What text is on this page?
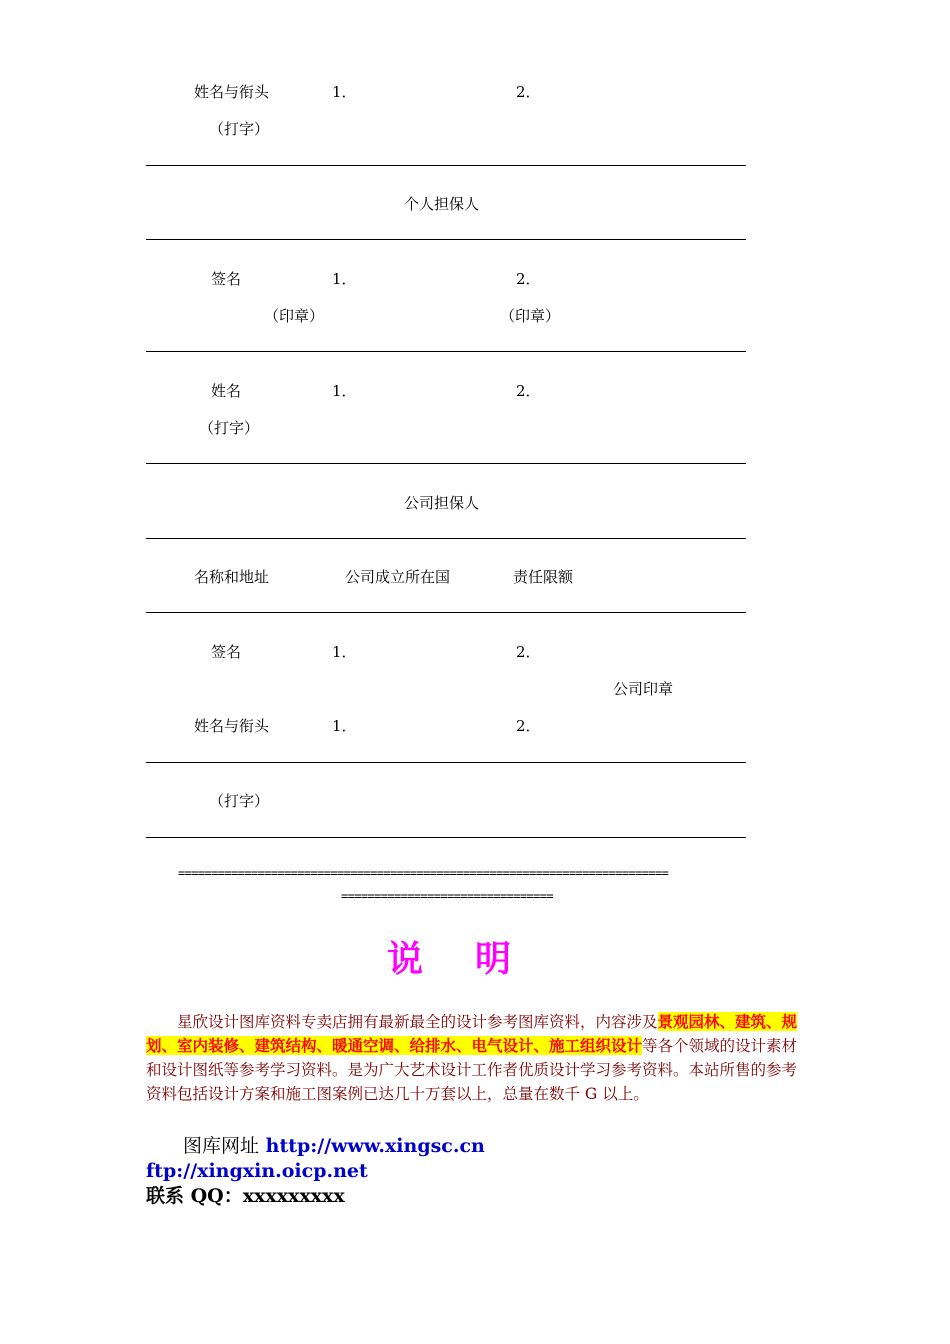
姓名与衔头	1．	2．
（打字）
个人担保人
签名	1．	2．
（印章）	（印章）
姓名	1．	2．
（打字）
公司担保人
名称和地址	公司成立所在国	责任限额
签名	1．	2．
公司印章
姓名与衔头	1．	2．
（打字）
==========================================================================
================================
说明
星欣设计图库资料专卖店拥有最新最全的设计参考图库资料，内容涉及景观园林、建筑、规划、室内装修、建筑结构、暖通空调、给排水、电气设计、施工组织设计等各个领域的设计素材和设计图纸等参考学习资料。是为广大艺术设计工作者优质设计学习参考资料。本站所售的参考资料包括设计方案和施工图案例已达几十万套以上，总量在数千 G 以上。
图库网址 http://www.xingsc.cn
ftp://xingxin.oicp.net
联系 QQ：xxxxxxxxx
